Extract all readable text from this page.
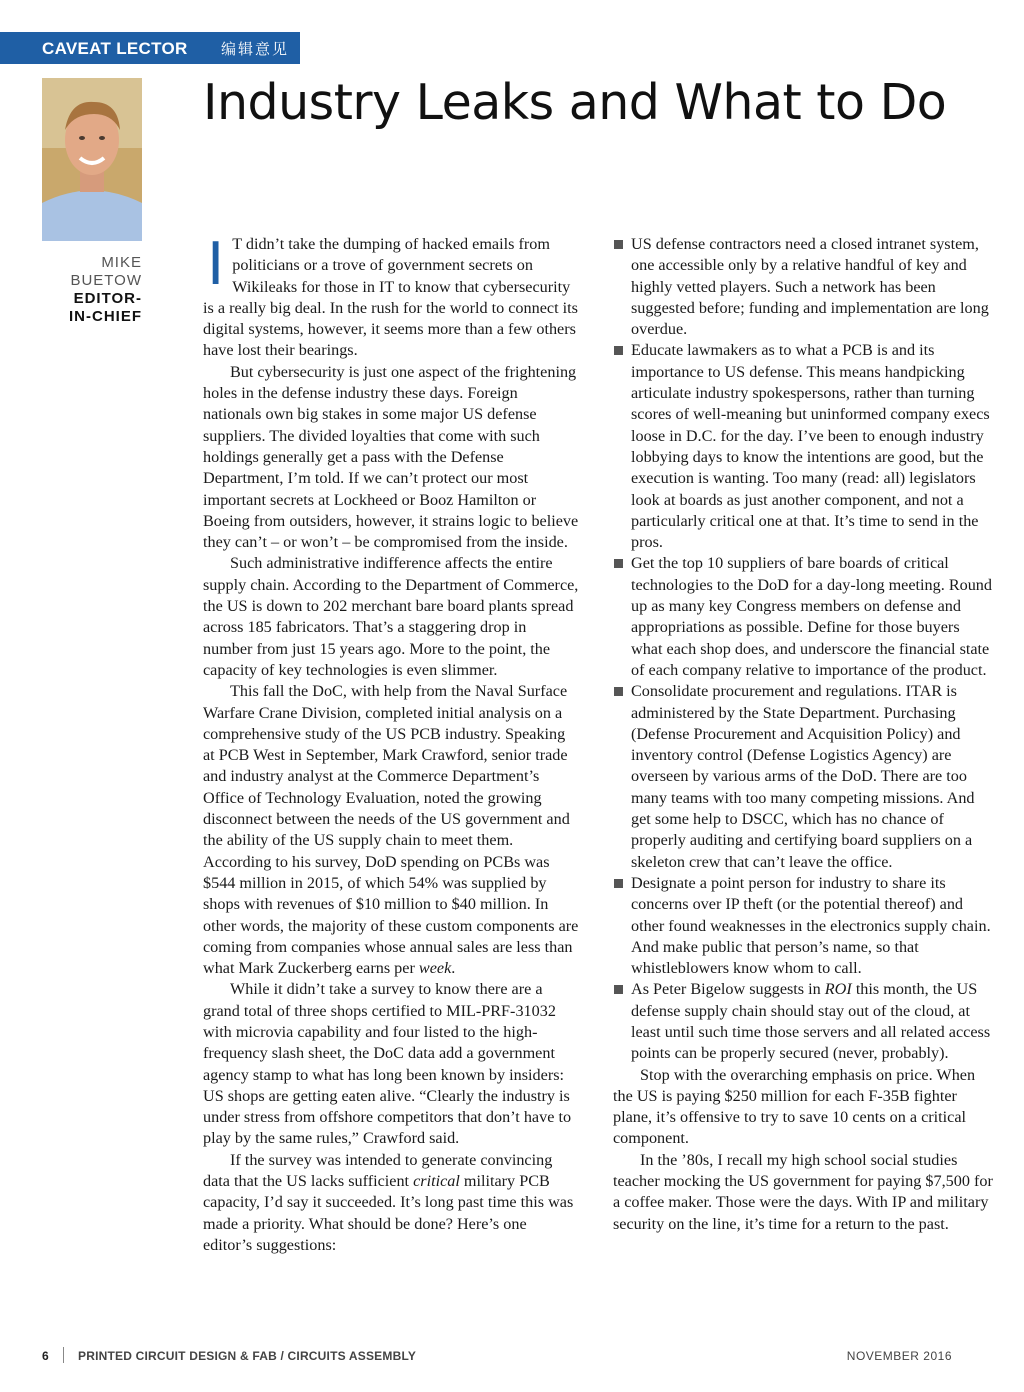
CAVEAT LECTOR 编辑意见
Industry Leaks and What to Do
MIKE
BUETOW
EDITOR-
IN-CHIEF

I T didn’t take the dumping of hacked emails from politicians or a trove of government secrets on Wikileaks for those in IT to know that cybersecurity is a really big deal. In the rush for the world to connect its digital systems, however, it seems more than a few others have lost their bearings.

But cybersecurity is just one aspect of the frightening holes in the defense industry these days. Foreign nationals own big stakes in some major US defense suppliers. The divided loyalties that come with such holdings generally get a pass with the Defense Department, I’m told. If we can’t protect our most important secrets at Lockheed or Booz Hamilton or Boeing from outsiders, however, it strains logic to believe they can’t – or won’t – be compromised from the inside.

Such administrative indifference affects the entire supply chain. According to the Department of Commerce, the US is down to 202 merchant bare board plants spread across 185 fabricators. That’s a staggering drop in number from just 15 years ago. More to the point, the capacity of key technologies is even slimmer.

This fall the DoC, with help from the Naval Surface Warfare Crane Division, completed initial analysis on a comprehensive study of the US PCB industry. Speaking at PCB West in September, Mark Crawford, senior trade and industry analyst at the Commerce Department’s Office of Technology Evaluation, noted the growing disconnect between the needs of the US government and the ability of the US supply chain to meet them. According to his survey, DoD spending on PCBs was $544 million in 2015, of which 54% was supplied by shops with revenues of $10 million to $40 million. In other words, the majority of these custom components are coming from companies whose annual sales are less than what Mark Zuckerberg earns per week.

While it didn’t take a survey to know there are a grand total of three shops certified to MIL-PRF-31032 with microvia capability and four listed to the high-frequency slash sheet, the DoC data add a government agency stamp to what has long been known by insiders: US shops are getting eaten alive. “Clearly the industry is under stress from offshore competitors that don’t have to play by the same rules,” Crawford said.

If the survey was intended to generate convincing data that the US lacks sufficient critical military PCB capacity, I’d say it succeeded. It’s long past time this was made a priority. What should be done? Here’s one editor’s suggestions:

US defense contractors need a closed intranet system, one accessible only by a relative handful of key and highly vetted players. Such a network has been suggested before; funding and implementation are long overdue.
Educate lawmakers as to what a PCB is and its importance to US defense. This means handpicking articulate industry spokespersons, rather than turning scores of well-meaning but uninformed company execs loose in D.C. for the day. I’ve been to enough industry lobbying days to know the intentions are good, but the execution is wanting. Too many (read: all) legislators look at boards as just another component, and not a particularly critical one at that. It’s time to send in the pros.
Get the top 10 suppliers of bare boards of critical technologies to the DoD for a day-long meeting. Round up as many key Congress members on defense and appropriations as possible. Define for those buyers what each shop does, and underscore the financial state of each company relative to importance of the product.
Consolidate procurement and regulations. ITAR is administered by the State Department. Purchasing (Defense Procurement and Acquisition Policy) and inventory control (Defense Logistics Agency) are overseen by various arms of the DoD. There are too many teams with too many competing missions. And get some help to DSCC, which has no chance of properly auditing and certifying board suppliers on a skeleton crew that can’t leave the office.
Designate a point person for industry to share its concerns over IP theft (or the potential thereof) and other found weaknesses in the electronics supply chain. And make public that person’s name, so that whistleblowers know whom to call.
As Peter Bigelow suggests in ROI this month, the US defense supply chain should stay out of the cloud, at least until such time those servers and all related access points can be properly secured (never, probably).

Stop with the overarching emphasis on price. When the US is paying $250 million for each F-35B fighter plane, it’s offensive to try to save 10 cents on a critical component.

In the ’80s, I recall my high school social studies teacher mocking the US government for paying $7,500 for a coffee maker. Those were the days. With IP and military security on the line, it’s time for a return to the past.

6 PRINTED CIRCUIT DESIGN & FAB / CIRCUITS ASSEMBLY	NOVEMBER 2016
